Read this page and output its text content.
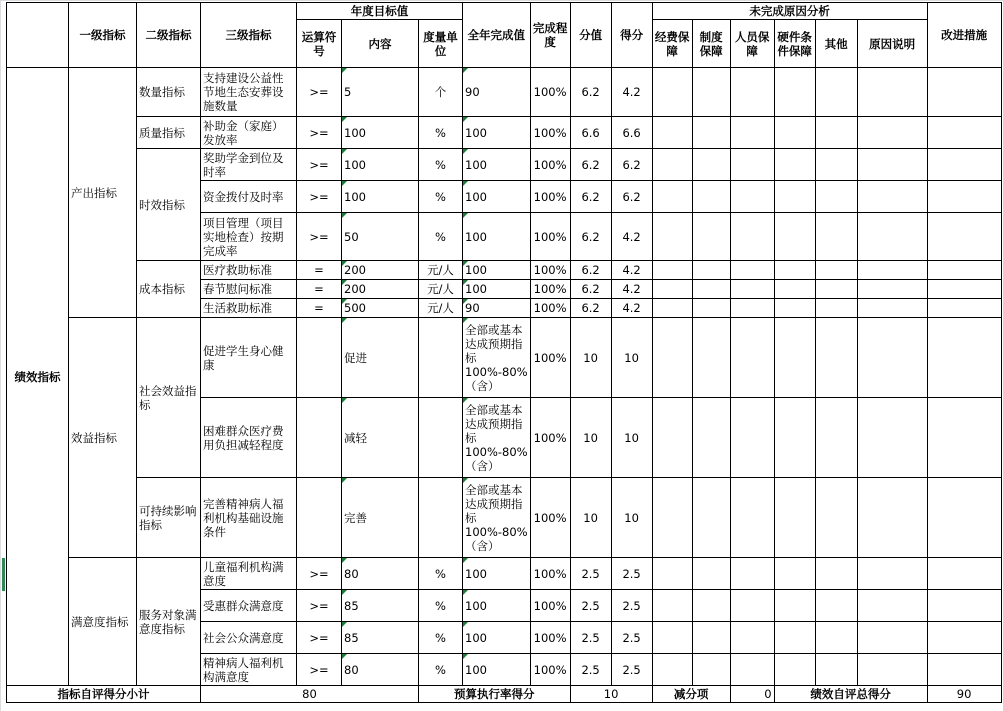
	一级指标	二级指标	三级指标	年度目标值			全年完成值	完成程度	分值	得分	未完成原因分析						改进措施
				运算符号	内容	度量单位					经费保障	制度保障	人员保障	硬件条件保障	其他	原因说明	
绩效指标	产出指标	数量指标	支持建设公益性节地生态安葬设施数量	>=	5	个	90	100%	6.2	4.2							
		质量指标	补助金（家庭）发放率	>=	100	%	100	100%	6.6	6.6							
		时效指标	奖助学金到位及时率	>=	100	%	100	100%	6.2	6.2							
			资金拨付及时率	>=	100	%	100	100%	6.2	6.2							
			项目管理（项目实地检查）按期完成率	>=	50	%	100	100%	6.2	4.2							
		成本指标	医疗救助标准	=	200	元/人	100	100%	6.2	4.2							
			春节慰问标准	=	200	元/人	100	100%	6.2	4.2							
			生活救助标准	=	500	元/人	90	100%	6.2	4.2							
	效益指标	社会效益指标	促进学生身心健康		促进		全部或基本达成预期指标100%-80%（含）	100%	10	10							
			困难群众医疗费用负担减轻程度		减轻		全部或基本达成预期指标100%-80%（含）	100%	10	10							
		可持续影响指标	完善精神病人福利机构基础设施条件		完善		全部或基本达成预期指标100%-80%（含）	100%	10	10							
	满意度指标	服务对象满意度指标	儿童福利机构满意度	>=	80	%	100	100%	2.5	2.5							
			受惠群众满意度	>=	85	%	100	100%	2.5	2.5							
			社会公众满意度	>=	85	%	100	100%	2.5	2.5							
			精神病人福利机构满意度	>=	80	%	100	100%	2.5	2.5							
指标自评得分小计			80			预算执行率得分			10		减分项		0	绩效自评总得分			90
